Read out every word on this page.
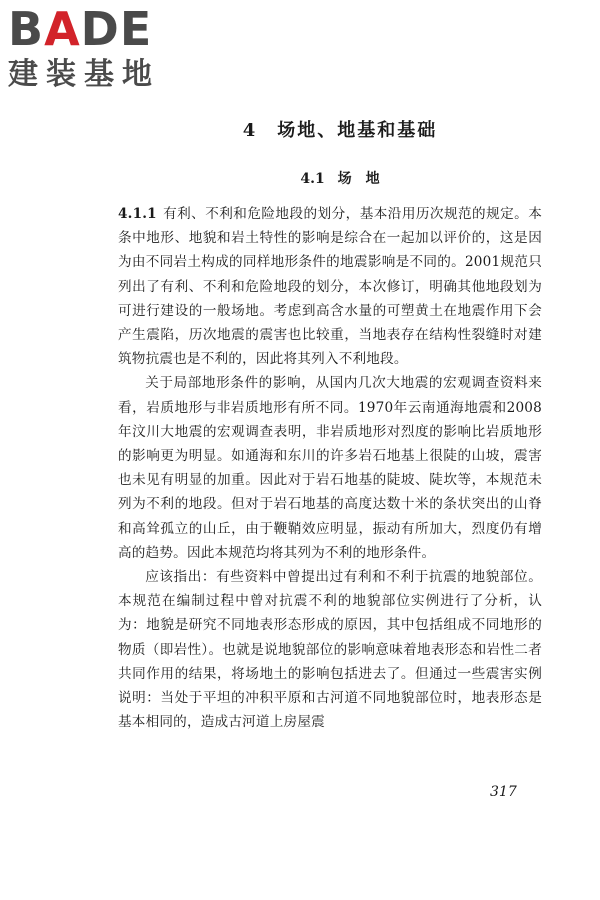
BADE
建装基地
4　场地、地基和基础
4.1 场　地

4.1.1 有利、不利和危险地段的划分，基本沿用历次规范的规定。本条中地形、地貌和岩土特性的影响是综合在一起加以评价的，这是因为由不同岩土构成的同样地形条件的地震影响是不同的。2001规范只列出了有利、不利和危险地段的划分，本次修订，明确其他地段划为可进行建设的一般场地。考虑到高含水量的可塑黄土在地震作用下会产生震陷，历次地震的震害也比较重，当地表存在结构性裂缝时对建筑物抗震也是不利的，因此将其列入不利地段。

关于局部地形条件的影响，从国内几次大地震的宏观调查资料来看，岩质地形与非岩质地形有所不同。1970年云南通海地震和2008年汶川大地震的宏观调查表明，非岩质地形对烈度的影响比岩质地形的影响更为明显。如通海和东川的许多岩石地基上很陡的山坡，震害也未见有明显的加重。因此对于岩石地基的陡坡、陡坎等，本规范未列为不利的地段。但对于岩石地基的高度达数十米的条状突出的山脊和高耸孤立的山丘，由于鞭鞘效应明显，振动有所加大，烈度仍有增高的趋势。因此本规范均将其列为不利的地形条件。

应该指出：有些资料中曾提出过有利和不利于抗震的地貌部位。本规范在编制过程中曾对抗震不利的地貌部位实例进行了分析，认为：地貌是研究不同地表形态形成的原因，其中包括组成不同地形的物质（即岩性）。也就是说地貌部位的影响意味着地表形态和岩性二者共同作用的结果，将场地土的影响包括进去了。但通过一些震害实例说明：当处于平坦的冲积平原和古河道不同地貌部位时，地表形态是基本相同的，造成古河道上房屋震

317
